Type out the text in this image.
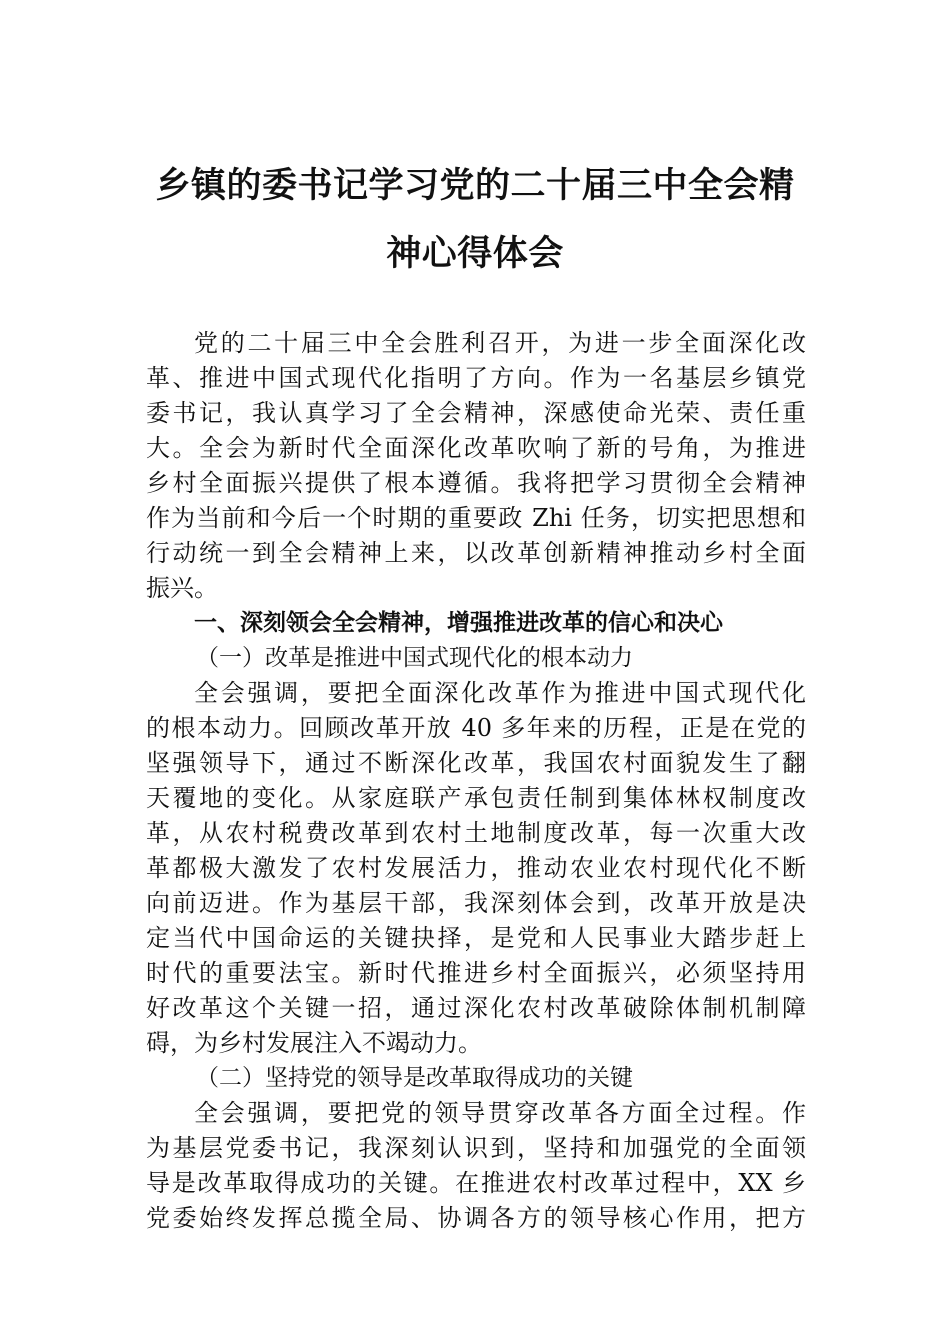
乡镇的委书记学习党的二十届三中全会精
神心得体会
党的二十届三中全会胜利召开，为进一步全面深化改
革、推进中国式现代化指明了方向。作为一名基层乡镇党
委书记，我认真学习了全会精神，深感使命光荣、责任重
大。全会为新时代全面深化改革吹响了新的号角，为推进
乡村全面振兴提供了根本遵循。我将把学习贯彻全会精神
作为当前和今后一个时期的重要政 Zhi 任务，切实把思想和
行动统一到全会精神上来，以改革创新精神推动乡村全面
振兴。
一、深刻领会全会精神，增强推进改革的信心和决心
（一）改革是推进中国式现代化的根本动力
全会强调，要把全面深化改革作为推进中国式现代化
的根本动力。回顾改革开放 40 多年来的历程，正是在党的
坚强领导下，通过不断深化改革，我国农村面貌发生了翻
天覆地的变化。从家庭联产承包责任制到集体林权制度改
革，从农村税费改革到农村土地制度改革，每一次重大改
革都极大激发了农村发展活力，推动农业农村现代化不断
向前迈进。作为基层干部，我深刻体会到，改革开放是决
定当代中国命运的关键抉择，是党和人民事业大踏步赶上
时代的重要法宝。新时代推进乡村全面振兴，必须坚持用
好改革这个关键一招，通过深化农村改革破除体制机制障
碍，为乡村发展注入不竭动力。
（二）坚持党的领导是改革取得成功的关键
全会强调，要把党的领导贯穿改革各方面全过程。作
为基层党委书记，我深刻认识到，坚持和加强党的全面领
导是改革取得成功的关键。在推进农村改革过程中，XX 乡
党委始终发挥总揽全局、协调各方的领导核心作用，把方
